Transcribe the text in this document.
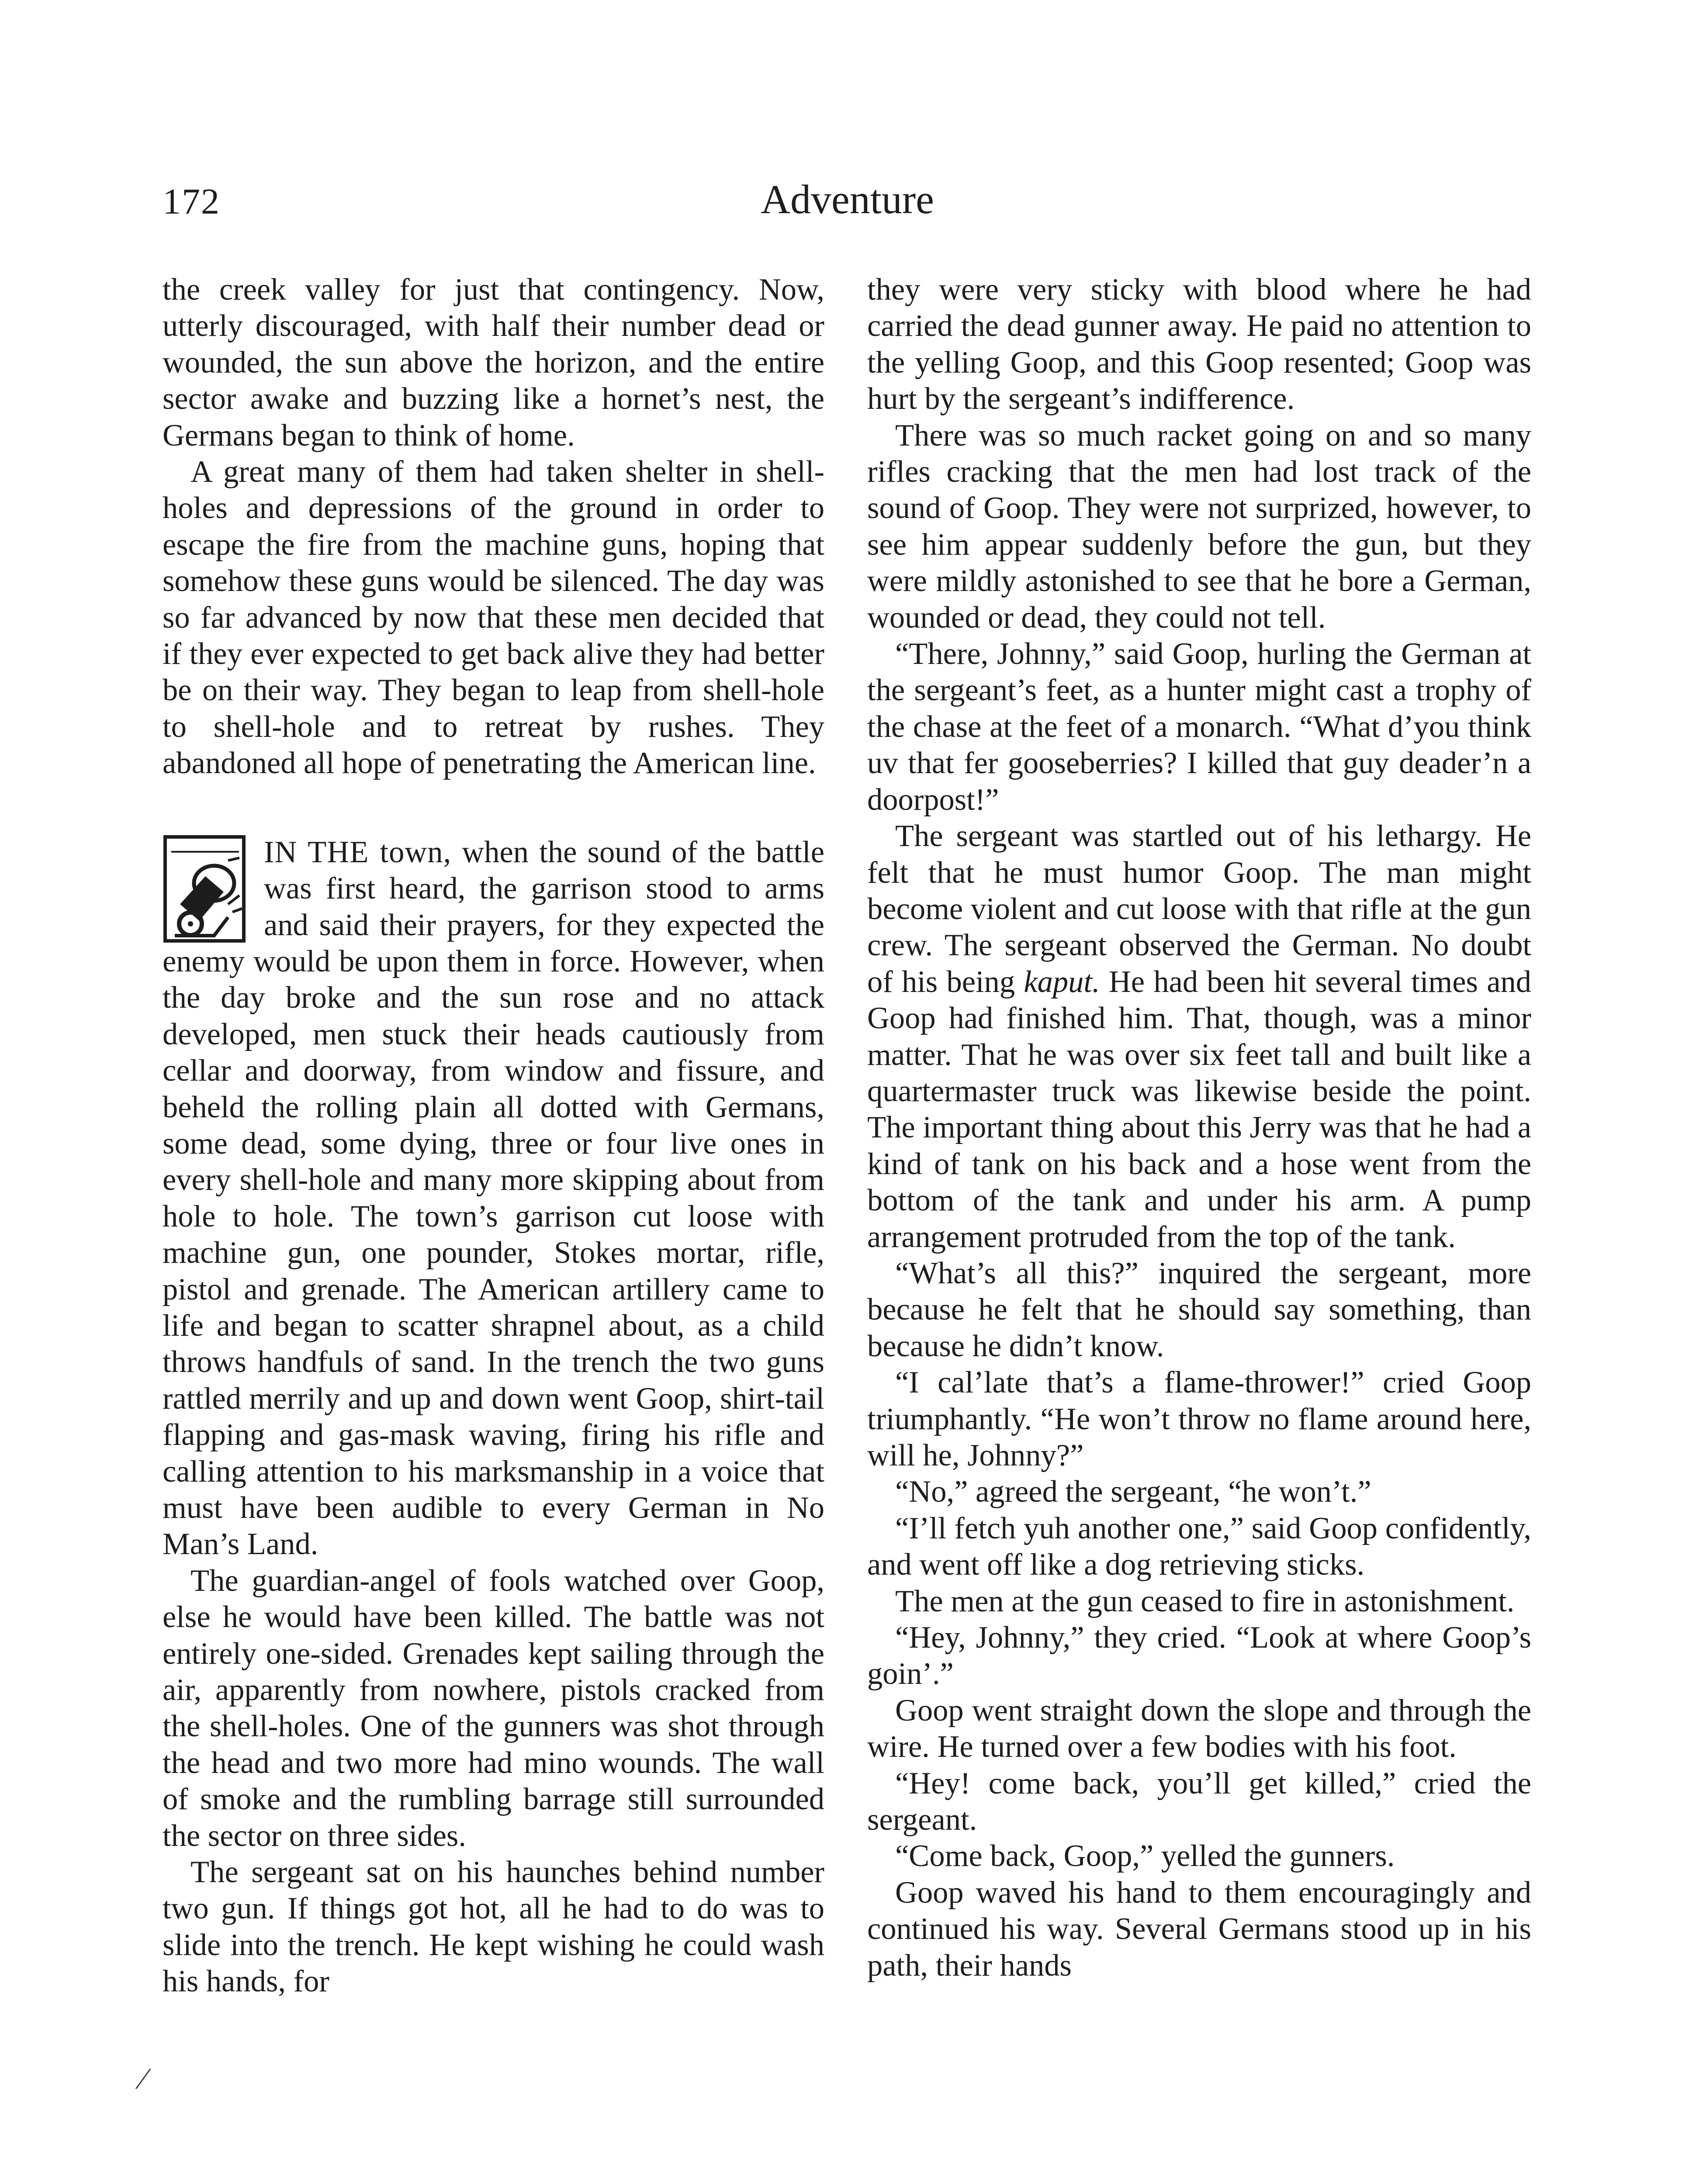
172	Adventure

the creek valley for just that contingency. Now, utterly discouraged, with half their number dead or wounded, the sun above the horizon, and the entire sector awake and buzzing like a hornet’s nest, the Germans began to think of home.

A great many of them had taken shelter in shell-holes and depressions of the ground in order to escape the fire from the machine guns, hoping that somehow these guns would be silenced. The day was so far advanced by now that these men decided that if they ever expected to get back alive they had better be on their way. They began to leap from shell-hole to shell-hole and to retreat by rushes. They abandoned all hope of penetrating the American line.

IN THE town, when the sound of the battle was first heard, the garrison stood to arms and said their prayers, for they expected the enemy would be upon them in force. However, when the day broke and the sun rose and no attack developed, men stuck their heads cautiously from cellar and doorway, from window and fissure, and beheld the rolling plain all dotted with Germans, some dead, some dying, three or four live ones in every shell-hole and many more skipping about from hole to hole. The town’s garrison cut loose with machine gun, one pounder, Stokes mortar, rifle, pistol and grenade. The American artillery came to life and began to scatter shrapnel about, as a child throws handfuls of sand. In the trench the two guns rattled merrily and up and down went Goop, shirt-tail flapping and gas-mask waving, firing his rifle and calling attention to his marksmanship in a voice that must have been audible to every German in No Man’s Land.

The guardian-angel of fools watched over Goop, else he would have been killed. The battle was not entirely one-sided. Grenades kept sailing through the air, apparently from nowhere, pistols cracked from the shell-holes. One of the gunners was shot through the head and two more had mino wounds. The wall of smoke and the rumbling barrage still surrounded the sector on three sides.

The sergeant sat on his haunches behind number two gun. If things got hot, all he had to do was to slide into the trench. He kept wishing he could wash his hands, for

⁄

they were very sticky with blood where he had carried the dead gunner away. He paid no attention to the yelling Goop, and this Goop resented; Goop was hurt by the sergeant’s indifference.

There was so much racket going on and so many rifles cracking that the men had lost track of the sound of Goop. They were not surprized, however, to see him appear suddenly before the gun, but they were mildly astonished to see that he bore a German, wounded or dead, they could not tell.

“There, Johnny,” said Goop, hurling the German at the sergeant’s feet, as a hunter might cast a trophy of the chase at the feet of a monarch. “What d’you think uv that fer gooseberries? I killed that guy deader’n a doorpost!”

The sergeant was startled out of his lethargy. He felt that he must humor Goop. The man might become violent and cut loose with that rifle at the gun crew. The sergeant observed the German. No doubt of his being kaput. He had been hit several times and Goop had finished him. That, though, was a minor matter. That he was over six feet tall and built like a quartermaster truck was likewise beside the point. The important thing about this Jerry was that he had a kind of tank on his back and a hose went from the bottom of the tank and under his arm. A pump arrangement protruded from the top of the tank.

“What’s all this?” inquired the sergeant, more because he felt that he should say something, than because he didn’t know.

“I cal’late that’s a flame-thrower!” cried Goop triumphantly. “He won’t throw no flame around here, will he, Johnny?”

“No,” agreed the sergeant, “he won’t.”

“I’ll fetch yuh another one,” said Goop confidently, and went off like a dog retrieving sticks.

The men at the gun ceased to fire in astonishment.

“Hey, Johnny,” they cried. “Look at where Goop’s goin’.”

Goop went straight down the slope and through the wire. He turned over a few bodies with his foot.

“Hey! come back, you’ll get killed,” cried the sergeant.

“Come back, Goop,” yelled the gunners.

Goop waved his hand to them encouragingly and continued his way. Several Germans stood up in his path, their hands
